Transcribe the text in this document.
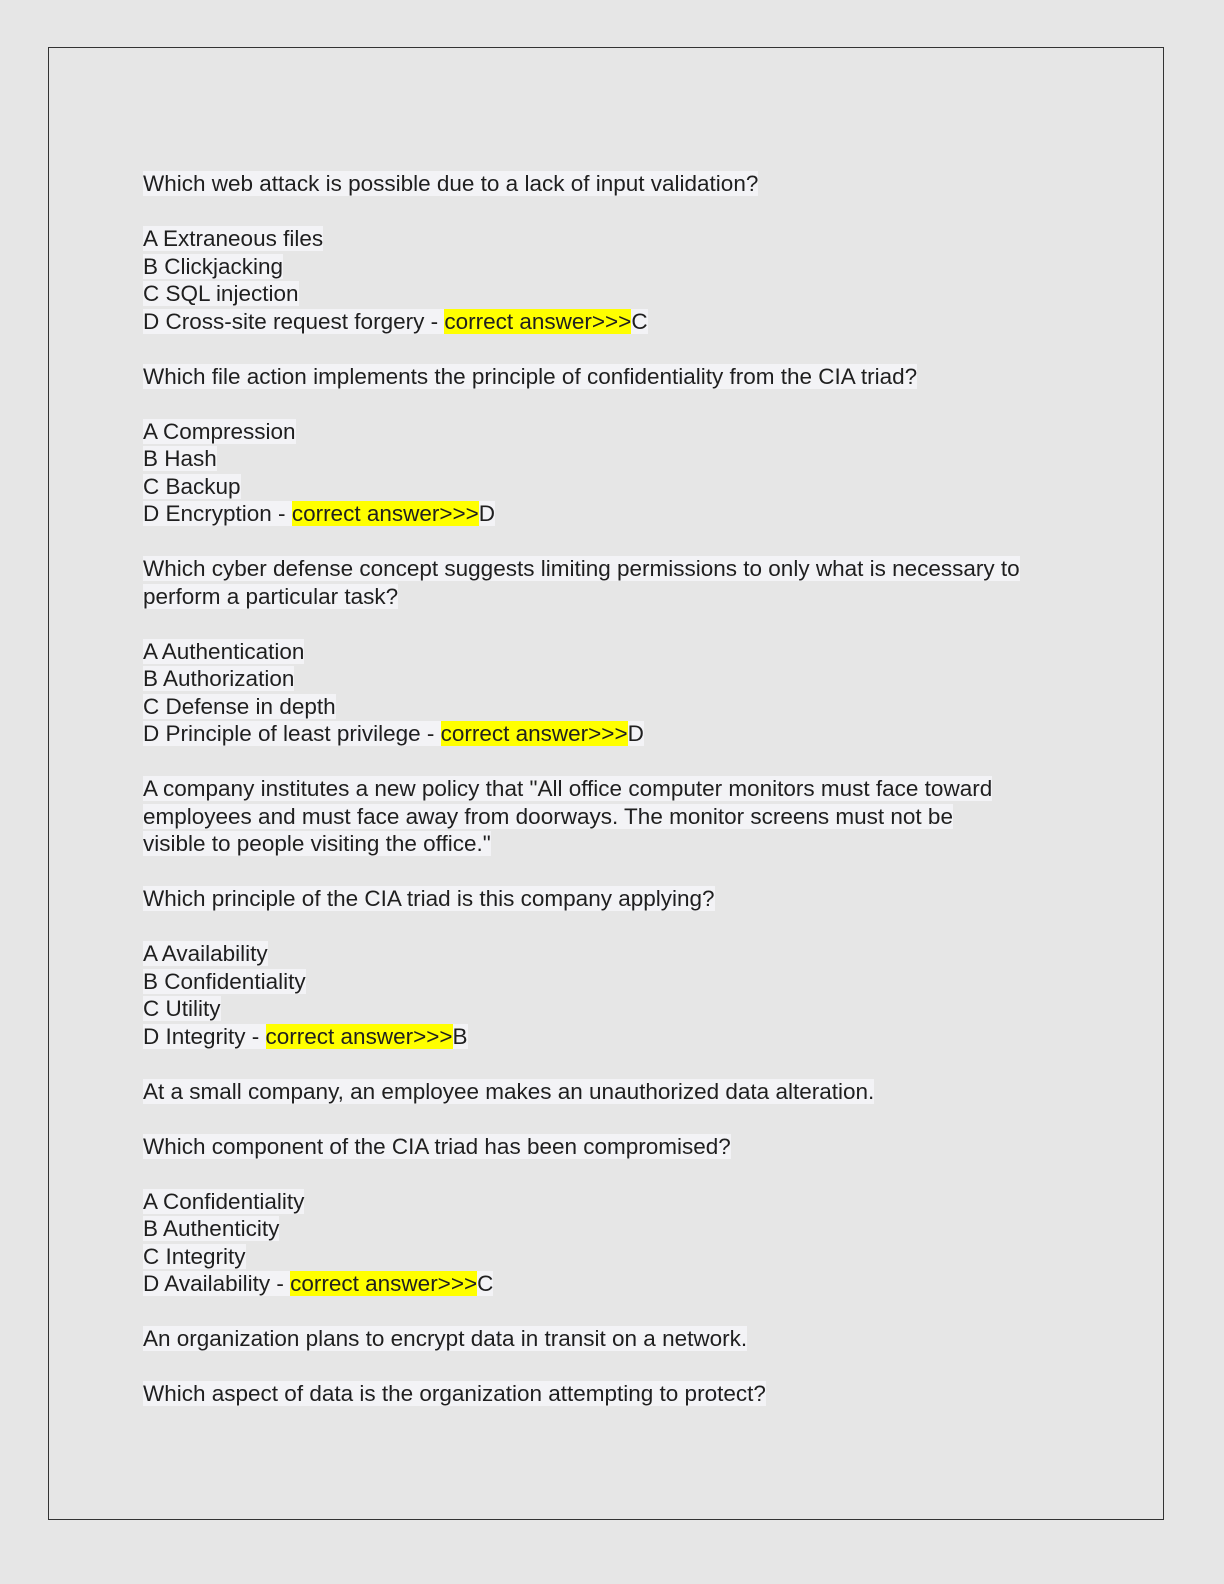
Which web attack is possible due to a lack of input validation?
A Extraneous files
B Clickjacking
C SQL injection
D Cross-site request forgery - correct answer>>>C
Which file action implements the principle of confidentiality from the CIA triad?
A Compression
B Hash
C Backup
D Encryption - correct answer>>>D
Which cyber defense concept suggests limiting permissions to only what is necessary to
perform a particular task?
A Authentication
B Authorization
C Defense in depth
D Principle of least privilege - correct answer>>>D
A company institutes a new policy that "All office computer monitors must face toward
employees and must face away from doorways. The monitor screens must not be
visible to people visiting the office."
Which principle of the CIA triad is this company applying?
A Availability
B Confidentiality
C Utility
D Integrity - correct answer>>>B
At a small company, an employee makes an unauthorized data alteration.
Which component of the CIA triad has been compromised?
A Confidentiality
B Authenticity
C Integrity
D Availability - correct answer>>>C
An organization plans to encrypt data in transit on a network.
Which aspect of data is the organization attempting to protect?
